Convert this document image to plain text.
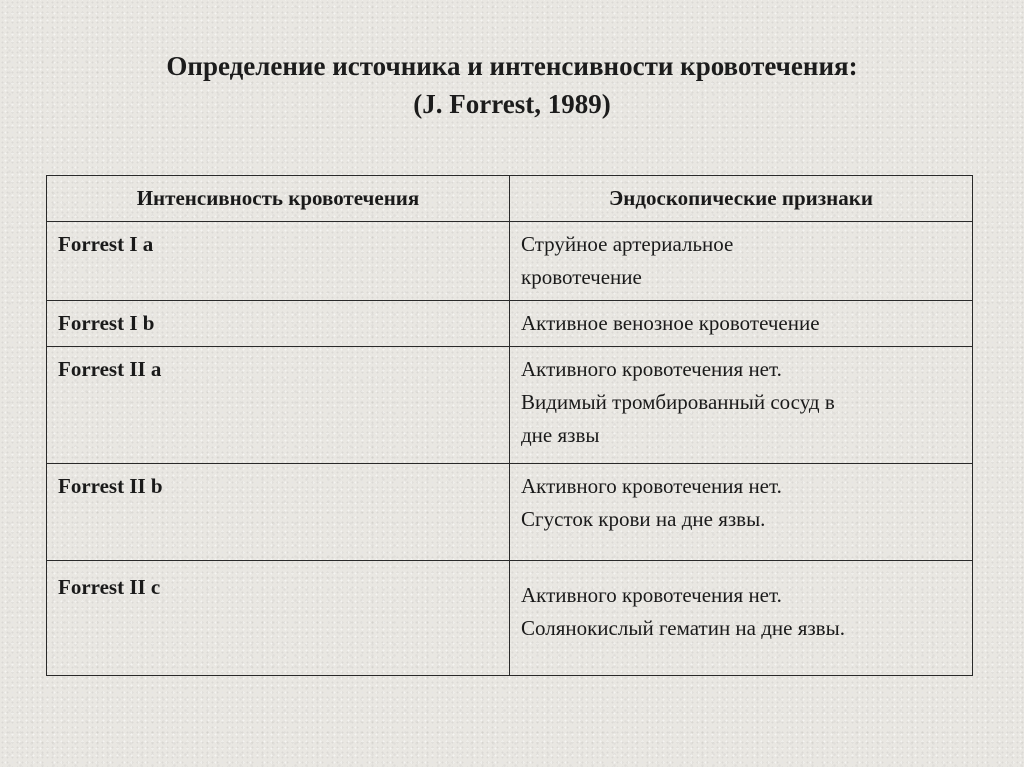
Определение источника и интенсивности кровотечения:
(J. Forrest, 1989)
Интенсивность кровотечения	Эндоскопические признаки
Forrest I a	Струйное артериальное
кровотечение

Forrest I b	Активное венозное кровотечение

Forrest II a	Активного кровотечения нет.
Видимый тромбированный сосуд в
дне язвы

Forrest II b	Активного кровотечения нет.
Сгусток крови на дне язвы.

Forrest II c	Активного кровотечения нет.
Солянокислый гематин на дне язвы.
